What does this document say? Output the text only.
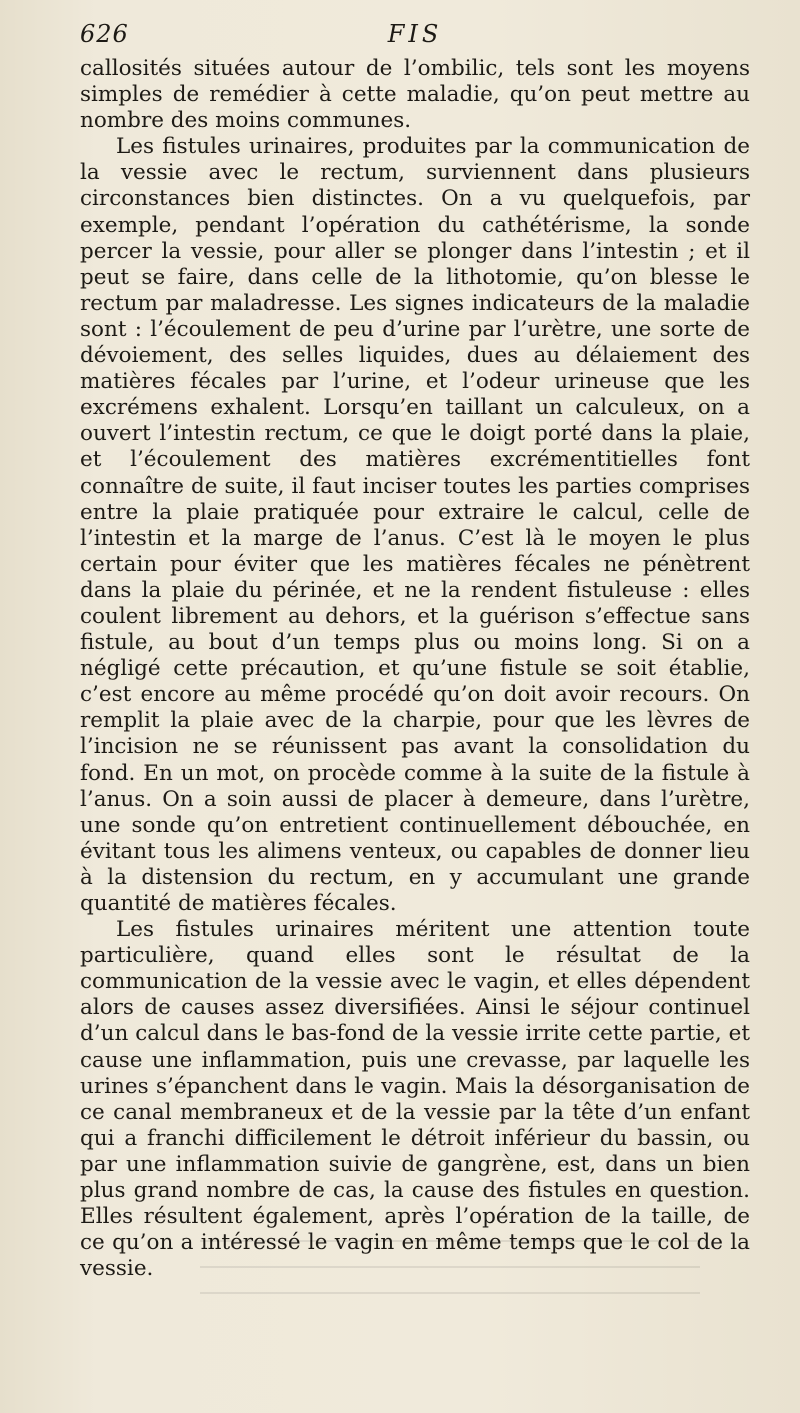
626	FIS

callosités situées autour de l’ombilic, tels sont les moyens simples de remédier à cette maladie, qu’on peut mettre au nombre des moins communes.

Les fistules urinaires, produites par la communication de la vessie avec le rectum, surviennent dans plusieurs circonstances bien distinctes. On a vu quelquefois, par exemple, pendant l’opération du cathétérisme, la sonde percer la vessie, pour aller se plonger dans l’intestin ; et il peut se faire, dans celle de la lithotomie, qu’on blesse le rectum par maladresse. Les signes indicateurs de la maladie sont : l’écoulement de peu d’urine par l’urètre, une sorte de dévoiement, des selles liquides, dues au délaiement des matières fécales par l’urine, et l’odeur urineuse que les excrémens exhalent. Lorsqu’en taillant un calculeux, on a ouvert l’intestin rectum, ce que le doigt porté dans la plaie, et l’écoulement des matières excrémentitielles font connaître de suite, il faut inciser toutes les parties comprises entre la plaie pratiquée pour extraire le calcul, celle de l’intestin et la marge de l’anus. C’est là le moyen le plus certain pour éviter que les matières fécales ne pénètrent dans la plaie du périnée, et ne la rendent fistuleuse : elles coulent librement au dehors, et la guérison s’effectue sans fistule, au bout d’un temps plus ou moins long. Si on a négligé cette précaution, et qu’une fistule se soit établie, c’est encore au même procédé qu’on doit avoir recours. On remplit la plaie avec de la charpie, pour que les lèvres de l’incision ne se réunissent pas avant la consolidation du fond. En un mot, on procède comme à la suite de la fistule à l’anus. On a soin aussi de placer à demeure, dans l’urètre, une sonde qu’on entretient continuellement débouchée, en évitant tous les alimens venteux, ou capables de donner lieu à la distension du rectum, en y accumulant une grande quantité de matières fécales.

Les fistules urinaires méritent une attention toute particulière, quand elles sont le résultat de la communication de la vessie avec le vagin, et elles dépendent alors de causes assez diversifiées. Ainsi le séjour continuel d’un calcul dans le bas-fond de la vessie irrite cette partie, et cause une inflammation, puis une crevasse, par laquelle les urines s’épanchent dans le vagin. Mais la désorganisation de ce canal membraneux et de la vessie par la tête d’un enfant qui a franchi difficilement le détroit inférieur du bassin, ou par une inflammation suivie de gangrène, est, dans un bien plus grand nombre de cas, la cause des fistules en question. Elles résultent également, après l’opération de la taille, de ce qu’on a intéressé le vagin en même temps que le col de la vessie.
